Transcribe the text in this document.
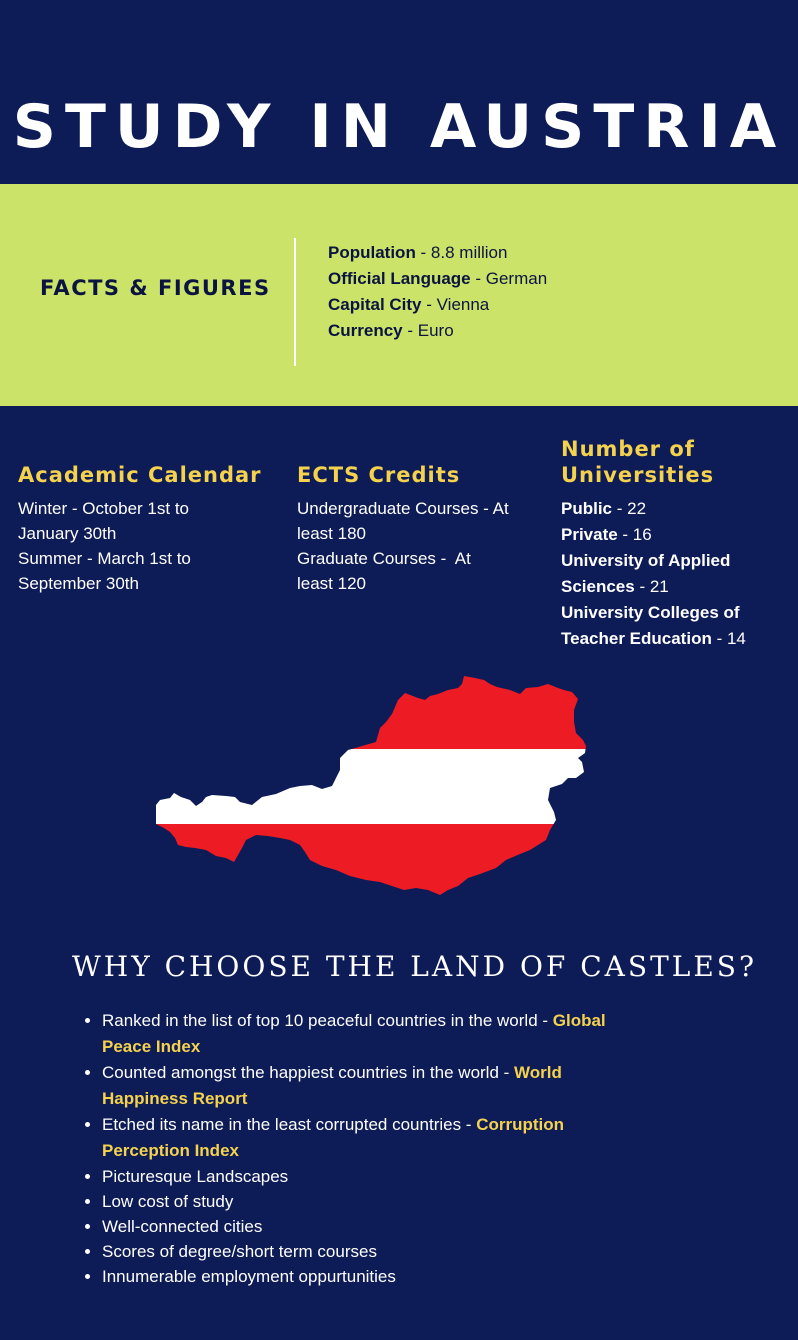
STUDY IN AUSTRIA
FACTS & FIGURES
Population - 8.8 million
Official Language - German
Capital City - Vienna
Currency - Euro
Academic Calendar
Winter - October 1st to
January 30th
Summer - March 1st to
September 30th
ECTS Credits
Undergraduate Courses - At
least 180
Graduate Courses -  At
least 120
Number of
Universities
Public - 22
Private - 16
University of Applied
Sciences - 21
University Colleges of
Teacher Education - 14
WHY CHOOSE THE LAND OF CASTLES?
• Ranked in the list of top 10 peaceful countries in the world - Global
Peace Index
• Counted amongst the happiest countries in the world - World
Happiness Report
• Etched its name in the least corrupted countries - Corruption
Perception Index
• Picturesque Landscapes
• Low cost of study
• Well-connected cities
• Scores of degree/short term courses
• Innumerable employment oppurtunities
